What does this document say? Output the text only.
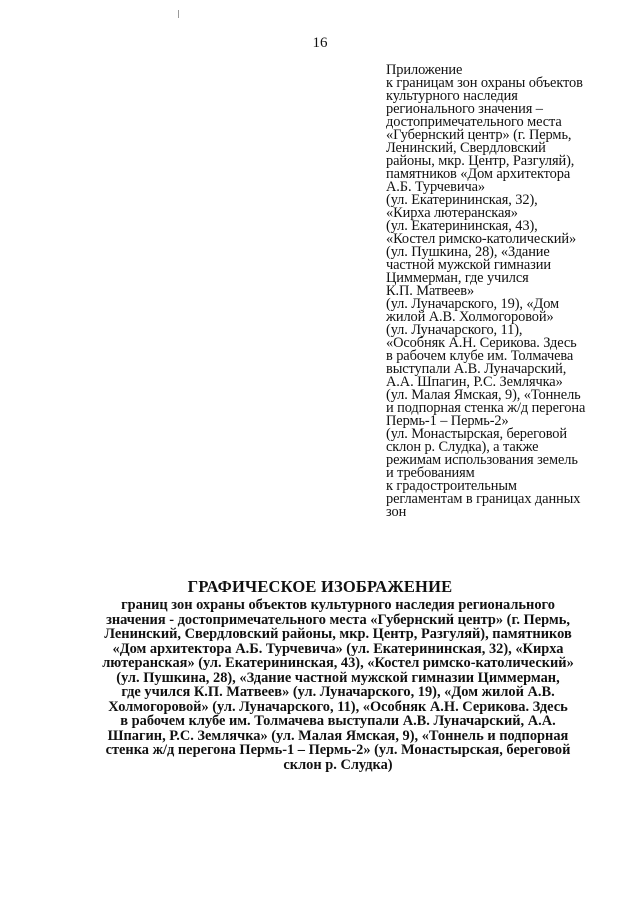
16
Приложение
к границам зон охраны объектов
культурного наследия
регионального значения –
достопримечательного места
«Губернский центр» (г. Пермь,
Ленинский, Свердловский
районы, мкр. Центр, Разгуляй),
памятников «Дом архитектора
А.Б. Турчевича»
(ул. Екатерининская, 32),
«Кирха лютеранская»
(ул. Екатерининская, 43),
«Костел римско-католический»
(ул. Пушкина, 28), «Здание
частной мужской гимназии
Циммерман, где учился
К.П. Матвеев»
(ул. Луначарского, 19), «Дом
жилой А.В. Холмогоровой»
(ул. Луначарского, 11),
«Особняк А.Н. Серикова. Здесь
в рабочем клубе им. Толмачева
выступали А.В. Луначарский,
А.А. Шпагин, Р.С. Землячка»
(ул. Малая Ямская, 9), «Тоннель
и подпорная стенка ж/д перегона
Пермь-1 – Пермь-2»
(ул. Монастырская, береговой
склон р. Слудка), а также
режимам использования земель
и требованиям
к градостроительным
регламентам в границах данных
зон
ГРАФИЧЕСКОЕ ИЗОБРАЖЕНИЕ
границ зон охраны объектов культурного наследия регионального
значения - достопримечательного места «Губернский центр» (г. Пермь,
Ленинский, Свердловский районы, мкр. Центр, Разгуляй), памятников
«Дом архитектора А.Б. Турчевича» (ул. Екатерининская, 32), «Кирха
лютеранская» (ул. Екатерининская, 43), «Костел римско-католический»
(ул. Пушкина, 28), «Здание частной мужской гимназии Циммерман,
где учился К.П. Матвеев» (ул. Луначарского, 19), «Дом жилой А.В.
Холмогоровой» (ул. Луначарского, 11), «Особняк А.Н. Серикова. Здесь
в рабочем клубе им. Толмачева выступали А.В. Луначарский, А.А.
Шпагин, Р.С. Землячка» (ул. Малая Ямская, 9), «Тоннель и подпорная
стенка ж/д перегона Пермь-1 – Пермь-2» (ул. Монастырская, береговой
склон р. Слудка)
